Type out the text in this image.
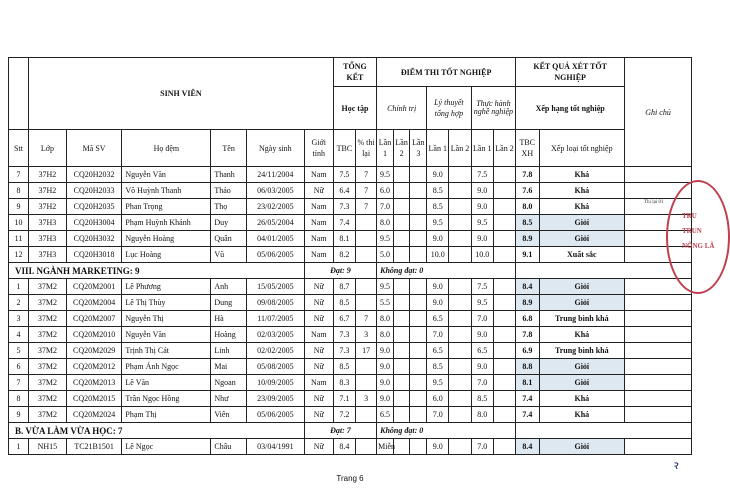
	SINH VIÊN						TỔNG KẾT		ĐIỂM THI TỐT NGHIỆP							KẾT QUẢ XÉT TỐT NGHIỆP		Ghi chú
							Học tập		Chính trị			Lý thuyết tổng hợp		Thực hành nghề nghiệp		Xếp hạng tốt nghiệp		
Stt	Lớp	Mã SV	Họ đệm	Tên	Ngày sinh	Giới tính	TBC	% thi lại	Lần 1	Lần 2	Lần 3	Lần 1	Lần 2	Lần 1	Lần 2	TBC XH	Xếp loại tốt nghiệp	
7	37H2	CQ20H2032	Nguyễn Văn	Thanh	24/11/2004	Nam	7.5	7	9.5			9.0		7.5		7.8	Khá	
8	37H2	CQ20H2033	Võ Huỳnh Thanh	Thảo	06/03/2005	Nữ	6.4	7	6.0			8.5		9.0		7.6	Khá	
9	37H2	CQ20H2035	Phan Trọng	Thọ	23/02/2005	Nam	7.3	7	7.0			8.5		9.0		8.0	Khá	
10	37H3	CQ20H3004	Phạm Huỳnh Khánh	Duy	26/05/2004	Nam	7.4		8.0			9.5		9.5		8.5	Giỏi	
11	37H3	CQ20H3032	Nguyễn Hoàng	Quân	04/01/2005	Nam	8.1		9.5			9.0		9.0		8.9	Giỏi	
12	37H3	CQ20H3018	Lục Hoàng	Vũ	05/06/2005	Nam	8.2		5.0			10.0		10.0		9.1	Xuất sắc	
VIII. NGÀNH MARKETING: 9						Đạt: 9			Không đạt: 0									
1	37M2	CQ20M2001	Lê Phương	Anh	15/05/2005	Nữ	8.7		9.5			9.0		7.5		8.4	Giỏi	
2	37M2	CQ20M2004	Lê Thị Thùy	Dung	09/08/2005	Nữ	8.5		5.5			9.0		9.5		8.9	Giỏi	
3	37M2	CQ20M2007	Nguyễn Thị	Hà	11/07/2005	Nữ	6.7	7	8.0			6.5		7.0		6.8	Trung bình khá	
4	37M2	CQ20M2010	Nguyễn Văn	Hoàng	02/03/2005	Nam	7.3	3	8.0			7.0		9.0		7.8	Khá	
5	37M2	CQ20M2029	Trịnh Thị Cát	Linh	02/02/2005	Nữ	7.3	17	9.0			6.5		6.5		6.9	Trung bình khá	
6	37M2	CQ20M2012	Phạm Ánh Ngọc	Mai	05/08/2005	Nữ	8.5		9.0			8.5		9.0		8.8	Giỏi	
7	37M2	CQ20M2013	Lê Văn	Ngoan	10/09/2005	Nam	8.3		9.0			9.5		7.0		8.1	Giỏi	
8	37M2	CQ20M2015	Trần Ngọc Hồng	Như	23/09/2005	Nữ	7.1	3	9.0			6.0		8.5		7.4	Khá	
9	37M2	CQ20M2024	Phạm Thị	Viên	05/06/2005	Nữ	7.2		6.5			7.0		8.0		7.4	Khá	
B. VỪA LÀM VỪA HỌC: 7						Đạt: 7			Không đạt: 0									
1	NH15	TC21B1501	Lê Ngọc	Châu	03/04/1991	Nữ	8.4		Miễn			9.0		7.0		8.4	Giỏi	
Thi lại 01
TRU
TRUN
NÔNG LÂ
ꝛ
Trang 6
